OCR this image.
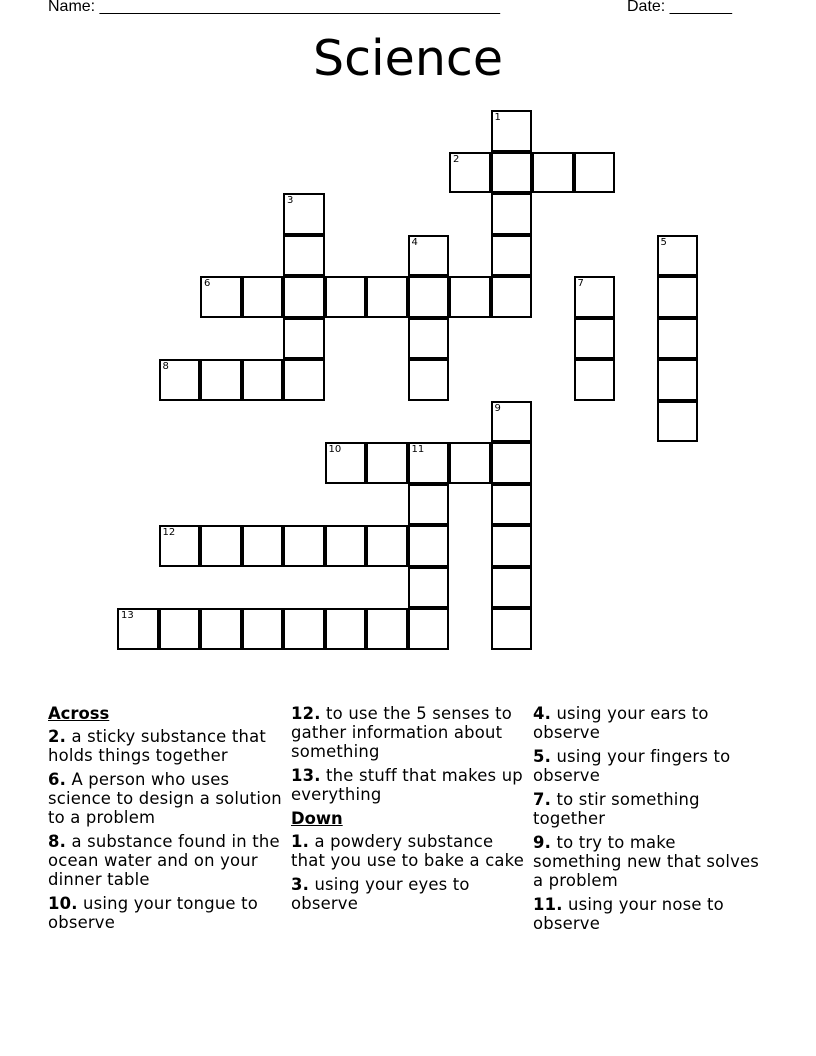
Name: _____________________________________________	Date: _______
Science
1
2
3
4	5
6	7
8
9
10	11
12
13
Across
2. a sticky substance that holds things together
6. A person who uses science to design a solution to a problem
8. a substance found in the ocean water and on your dinner table
10. using your tongue to observe
12. to use the 5 senses to gather information about something
13. the stuff that makes up everything
Down
1. a powdery substance that you use to bake a cake
3. using your eyes to observe
4. using your ears to observe
5. using your fingers to observe
7. to stir something together
9. to try to make something new that solves a problem
11. using your nose to observe
